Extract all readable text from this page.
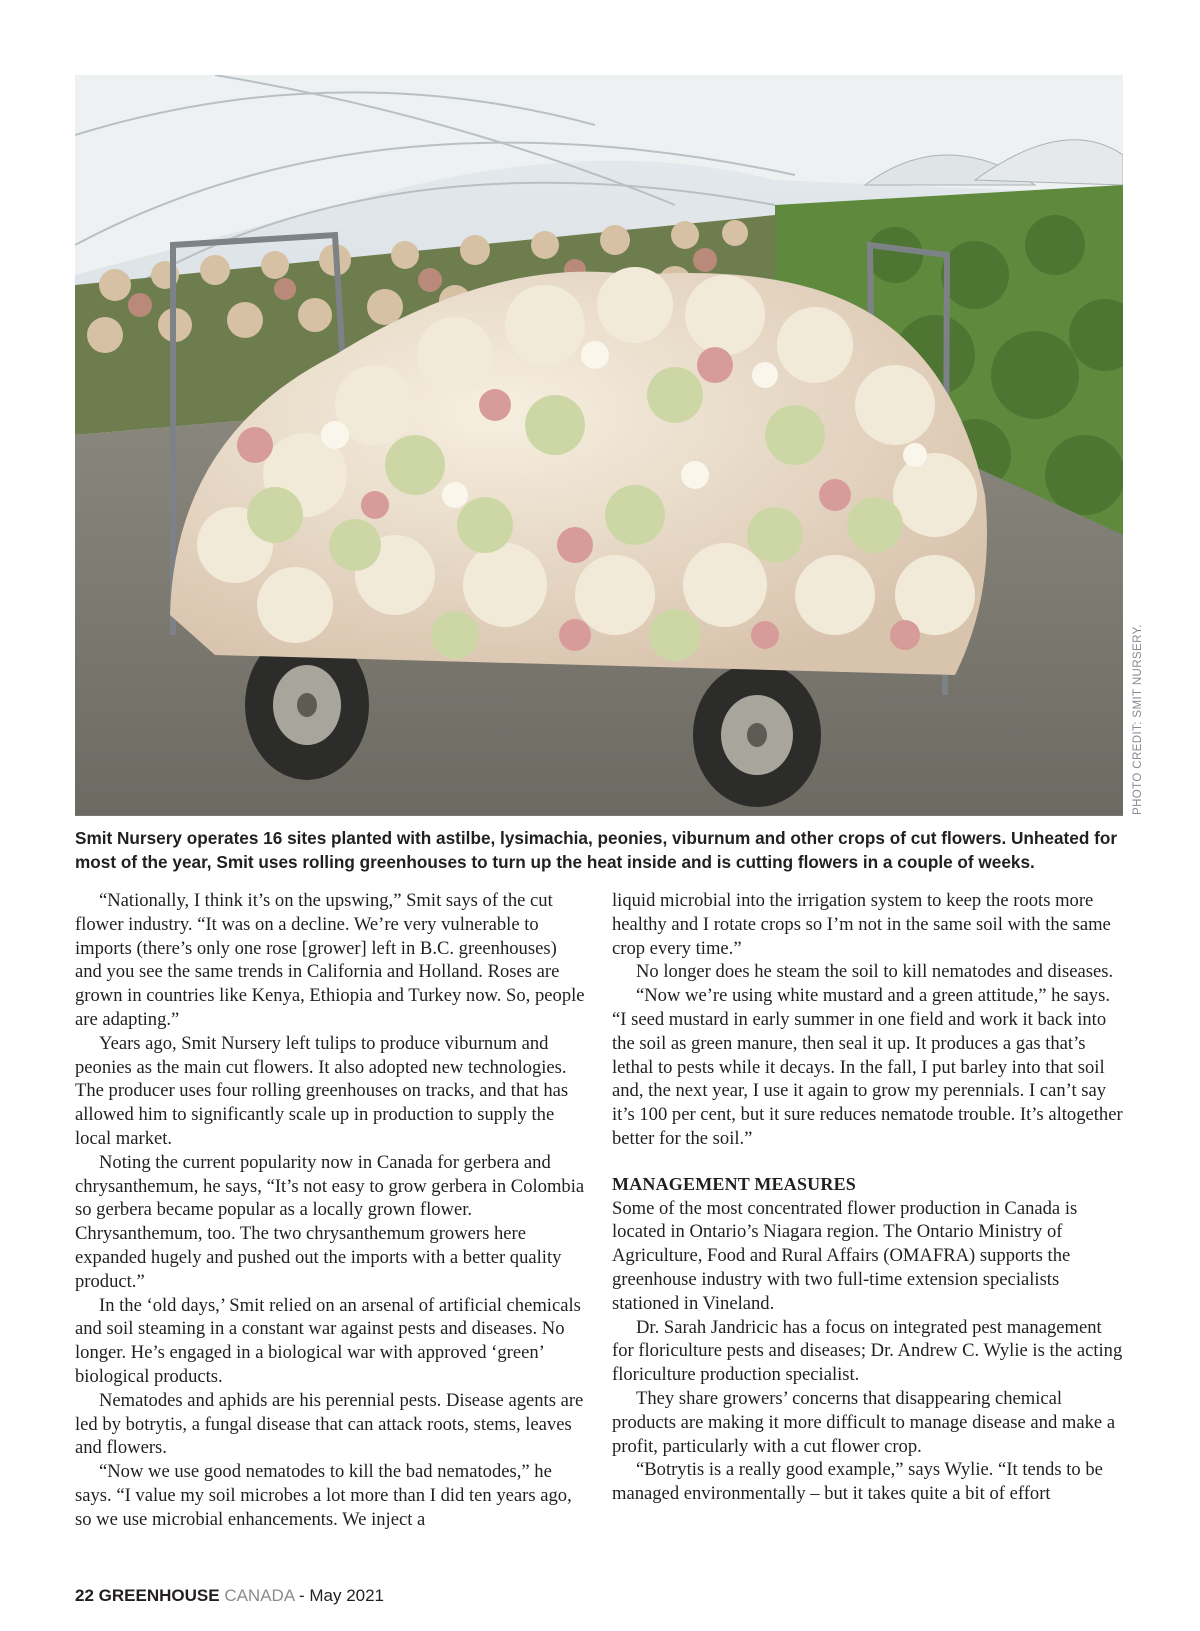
PHOTO CREDIT: SMIT NURSERY.
Smit Nursery operates 16 sites planted with astilbe, lysimachia, peonies, viburnum and other crops of cut flowers. Unheated for most of the year, Smit uses rolling greenhouses to turn up the heat inside and is cutting flowers in a couple of weeks.

“Nationally, I think it’s on the upswing,” Smit says of the cut flower industry. “It was on a decline. We’re very vulnerable to imports (there’s only one rose [grower] left in B.C. greenhouses) and you see the same trends in California and Holland. Roses are grown in countries like Kenya, Ethiopia and Turkey now. So, people are adapting.”

Years ago, Smit Nursery left tulips to produce viburnum and peonies as the main cut flowers. It also adopted new technologies. The producer uses four rolling greenhouses on tracks, and that has allowed him to significantly scale up in production to supply the local market.

Noting the current popularity now in Canada for gerbera and chrysanthemum, he says, “It’s not easy to grow gerbera in Colombia so gerbera became popular as a locally grown flower. Chrysanthemum, too. The two chrysanthemum growers here expanded hugely and pushed out the imports with a better quality product.”

In the ‘old days,’ Smit relied on an arsenal of artificial chemicals and soil steaming in a constant war against pests and diseases. No longer. He’s engaged in a biological war with approved ‘green’ biological products.

Nematodes and aphids are his perennial pests. Disease agents are led by botrytis, a fungal disease that can attack roots, stems, leaves and flowers.

“Now we use good nematodes to kill the bad nematodes,” he says. “I value my soil microbes a lot more than I did ten years ago, so we use microbial enhancements. We inject a

liquid microbial into the irrigation system to keep the roots more healthy and I rotate crops so I’m not in the same soil with the same crop every time.”

No longer does he steam the soil to kill nematodes and diseases.

“Now we’re using white mustard and a green attitude,” he says. “I seed mustard in early summer in one field and work it back into the soil as green manure, then seal it up. It produces a gas that’s lethal to pests while it decays. In the fall, I put barley into that soil and, the next year, I use it again to grow my perennials. I can’t say it’s 100 per cent, but it sure reduces nematode trouble. It’s altogether better for the soil.”

MANAGEMENT MEASURES

Some of the most concentrated flower production in Canada is located in Ontario’s Niagara region. The Ontario Ministry of Agriculture, Food and Rural Affairs (OMAFRA) supports the greenhouse industry with two full-time extension specialists stationed in Vineland.

Dr. Sarah Jandricic has a focus on integrated pest management for floriculture pests and diseases; Dr. Andrew C. Wylie is the acting floriculture production specialist.

They share growers’ concerns that disappearing chemical products are making it more difficult to manage disease and make a profit, particularly with a cut flower crop.

“Botrytis is a really good example,” says Wylie. “It tends to be managed environmentally – but it takes quite a bit of effort

22 GREENHOUSE CANADA - May 2021
